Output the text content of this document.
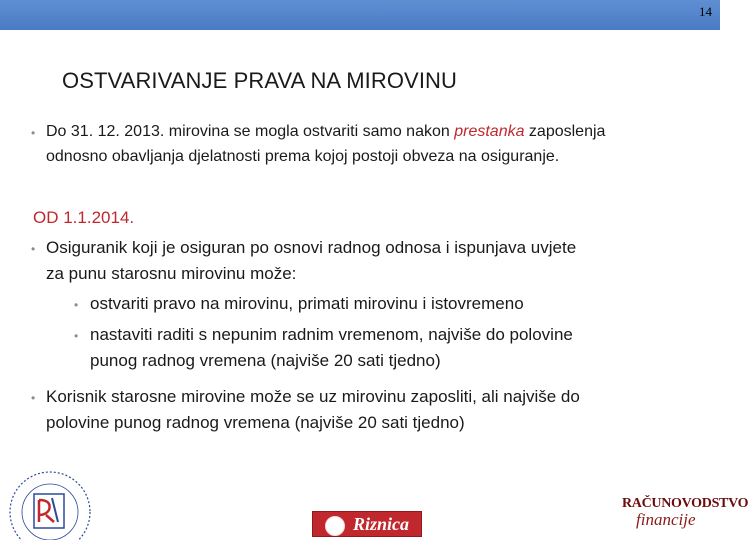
14
OSTVARIVANJE PRAVA NA MIROVINU
• Do 31. 12. 2013. mirovina se mogla ostvariti samo nakon prestanka zaposlenja
odnosno obavljanja djelatnosti prema kojoj postoji obveza na osiguranje.
OD 1.1.2014.
• Osiguranik koji je osiguran po osnovi radnog odnosa i ispunjava uvjete
za punu starosnu mirovinu može:
• ostvariti pravo na mirovinu, primati mirovinu i istovremeno
• nastaviti raditi s nepunim radnim vremenom, najviše do polovine
punog radnog vremena (najviše 20 sati tjedno)
• Korisnik starosne mirovine može se uz mirovinu zaposliti, ali najviše do
polovine punog radnog vremena (najviše 20 sati tjedno)
Riznica
RAČUNOVODSTVO
financije
